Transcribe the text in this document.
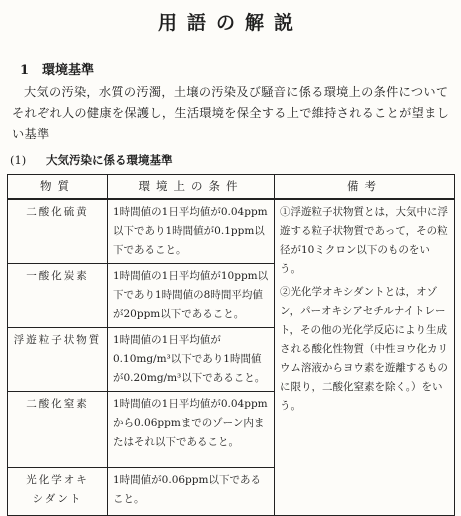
用語の解説
1 環境基準

大気の汚染，水質の汚濁，土壌の汚染及び騒音に係る環境上の条件についてそれぞれ人の健康を保護し，生活環境を保全する上で維持されることが望ましい基準

(1) 大気汚染に係る環境基準
物質	環境上の条件	備考
二酸化硫黄	1時間値の1日平均値が0.04ppm以下であり1時間値が0.1ppm以下であること。	①浮遊粒子状物質とは，大気中に浮遊する粒子状物質であって，その粒径が10ミクロン以下のものをいう。

②光化学オキシダントとは，オゾン，パーオキシアセチルナイトレート，その他の光化学反応により生成される酸化性物質（中性ヨウ化カリウム溶液からヨウ素を遊離するものに限り，二酸化窒素を除く。）をいう。

一酸化炭素	1時間値の1日平均値が10ppm以下であり1時間値の8時間平均値が20ppm以下であること。	
浮遊粒子状物質	1時間値の1日平均値が0.10mg/m³以下であり1時間値が0.20mg/m³以下であること。	
二酸化窒素	1時間値の1日平均値が0.04ppmから0.06ppmまでのゾーン内またはそれ以下であること。	
光化学オキシダント	1時間値が0.06ppm以下であること。	
